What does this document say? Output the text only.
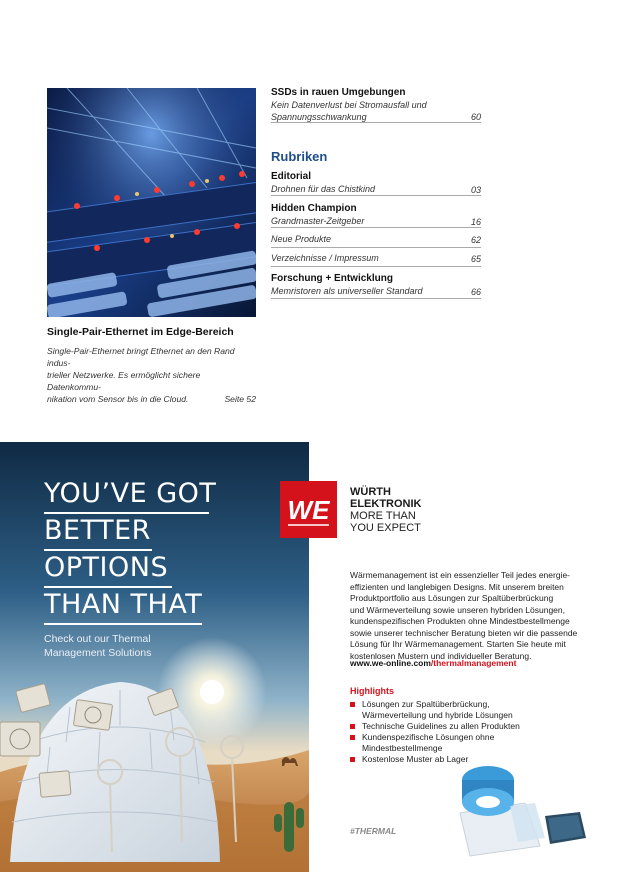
SSDs in rauen Umgebungen
Kein Datenverlust bei Stromausfall und
Spannungsschwankung	60
Rubriken
Editorial
Drohnen für das Chistkind	03
Hidden Champion
Grandmaster-Zeitgeber	16
Neue Produkte	62
Verzeichnisse / Impressum	65
Forschung + Entwicklung
Memristoren als universeller Standard	66
Single-Pair-Ethernet im Edge-Bereich
Single-Pair-Ethernet bringt Ethernet an den Rand indus-
trieller Netzwerke. Es ermöglicht sichere Datenkommu-
nikation vom Sensor bis in die Cloud.	Seite 52
YOU’VE GOT
BETTER
OPTIONS
THAN THAT
Check out our Thermal
Management Solutions
WE
WÜRTH
ELEKTRONIK
MORE THAN
YOU EXPECT
Wärmemanagement ist ein essenzieller Teil jedes energie-
effizienten und langlebigen Designs. Mit unserem breiten
Produktportfolio aus Lösungen zur Spaltüberbrückung
und Wärmeverteilung sowie unseren hybriden Lösungen,
kundenspezifischen Produkten ohne Mindestbestellmenge
sowie unserer technischer Beratung bieten wir die passende
Lösung für Ihr Wärmemanagement. Starten Sie heute mit
kostenlosen Mustern und individueller Beratung.
www.we-online.com/thermalmanagement
Highlights
Lösungen zur Spaltüberbrückung,
Wärmeverteilung und hybride Lösungen
Technische Guidelines zu allen Produkten
Kundenspezifische Lösungen ohne
Mindestbestellmenge
Kostenlose Muster ab Lager
#THERMAL
